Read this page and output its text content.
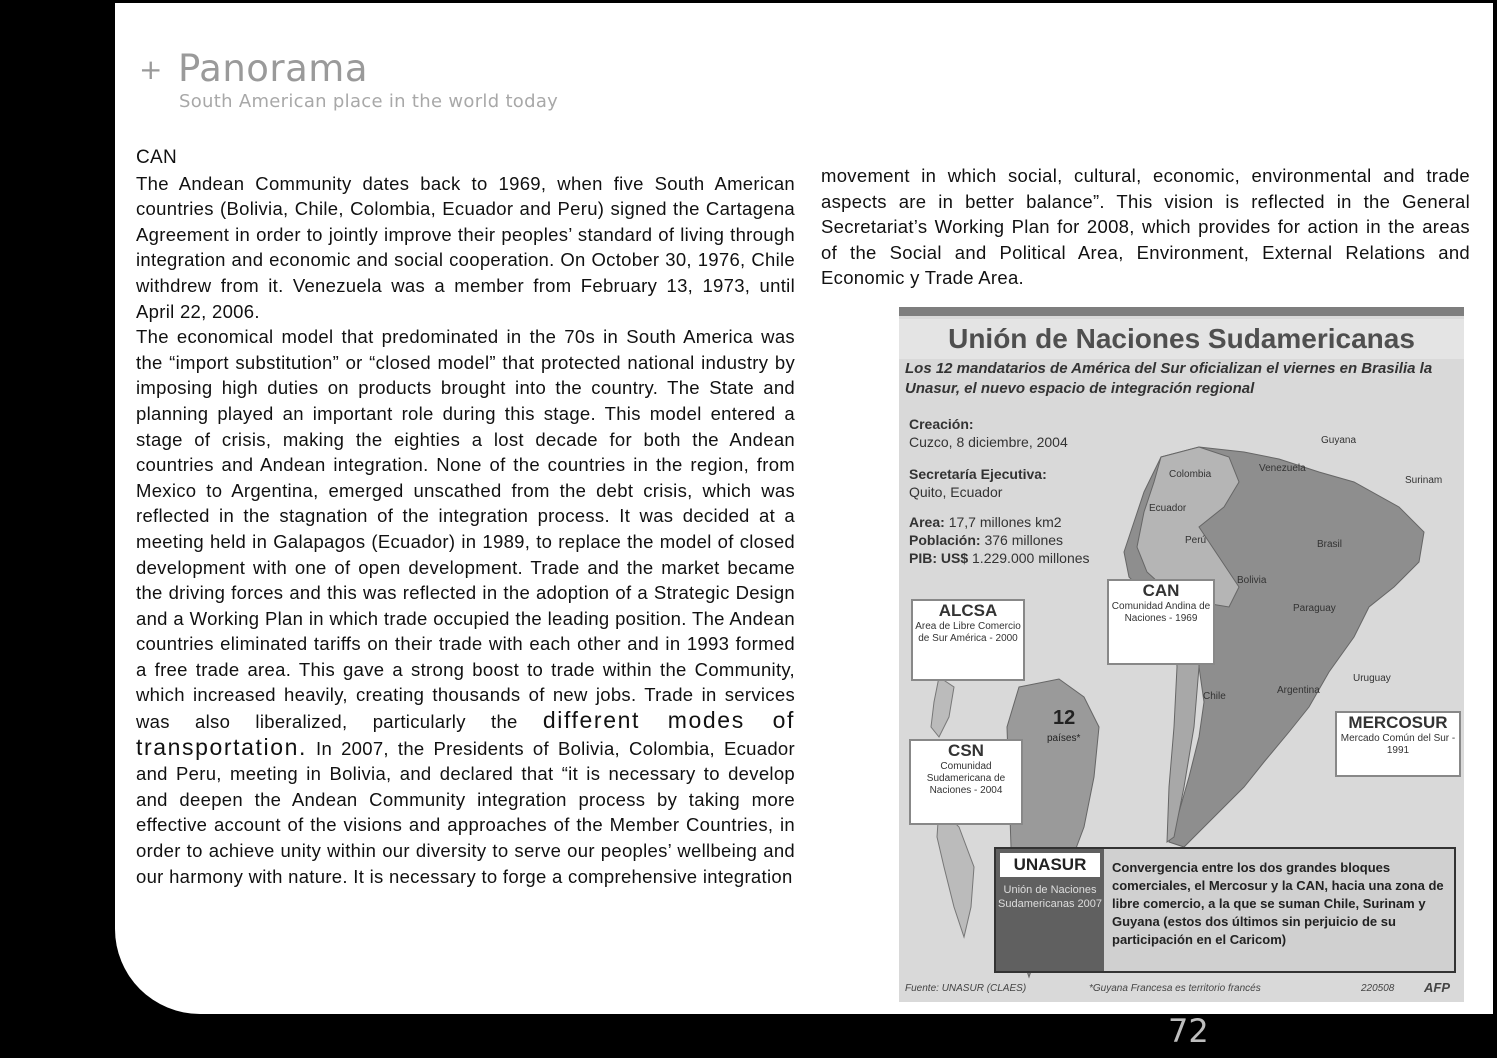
+ Panorama
South American place in the world today
CAN

The Andean Community dates back to 1969, when five South American countries (Bolivia, Chile, Colombia, Ecuador and Peru) signed the Cartagena Agreement in order to jointly improve their peoples’ standard of living through integration and economic and social cooperation. On October 30, 1976, Chile withdrew from it. Venezuela was a member from February 13, 1973, until April 22, 2006.

The economical model that predominated in the 70s in South America was the “import substitution” or “closed model” that protected national industry by imposing high duties on products brought into the country. The State and planning played an important role during this stage. This model entered a stage of crisis, making the eighties a lost decade for both the Andean countries and Andean integration. None of the countries in the region, from Mexico to Argentina, emerged unscathed from the debt crisis, which was reflected in the stagnation of the integration process. It was decided at a meeting held in Galapagos (Ecuador) in 1989, to replace the model of closed development with one of open development. Trade and the market became the driving forces and this was reflected in the adoption of a Strategic Design and a Working Plan in which trade occupied the leading position. The Andean countries eliminated tariffs on their trade with each other and in 1993 formed a free trade area. This gave a strong boost to trade within the Community, which increased heavily, creating thousands of new jobs. Trade in services was also liberalized, particularly the different modes of transportation. In 2007, the Presidents of Bolivia, Colombia, Ecuador and Peru, meeting in Bolivia, and declared that “it is necessary to develop and deepen the Andean Community integration process by taking more effective account of the visions and approaches of the Member Countries, in order to achieve unity within our diversity to serve our peoples’ wellbeing and our harmony with nature. It is necessary to forge a comprehensive integration

movement in which social, cultural, economic, environmental and trade aspects are in better balance”. This vision is reflected in the General Secretariat’s Working Plan for 2008, which provides for action in the areas of the Social and Political Area, Environment, External Relations and Economic y Trade Area.

Unión de Naciones Sudamericanas
Los 12 mandatarios de América del Sur oficializan el viernes en Brasilia la Unasur, el nuevo espacio de integración regional
Creación:
Cuzco, 8 diciembre, 2004
Secretaría Ejecutiva:
Quito, Ecuador
Area: 17,7 millones km2
Población: 376 millones
PIB: US$ 1.229.000 millones
Guyana
Venezuela
Surinam
Colombia
Ecuador
Perú	Brasil
Bolivia
Paraguay
Chile
Argentina
Uruguay
CAN
Comunidad Andina de Naciones - 1969
ALCSA
Area de Libre Comercio de Sur América - 2000
CSN
Comunidad Sudamericana de Naciones - 2004
MERCOSUR
Mercado Común del Sur - 1991
12
países*
UNASUR
Unión de Naciones Sudamericanas 2007
Convergencia entre los dos grandes bloques comerciales, el Mercosur y la CAN, hacia una zona de libre comercio, a la que se suman Chile, Surinam y Guyana (estos dos últimos sin perjuicio de su participación en el Caricom)
Fuente: UNASUR (CLAES)	*Guyana Francesa es territorio francés	220508 AFP
72
